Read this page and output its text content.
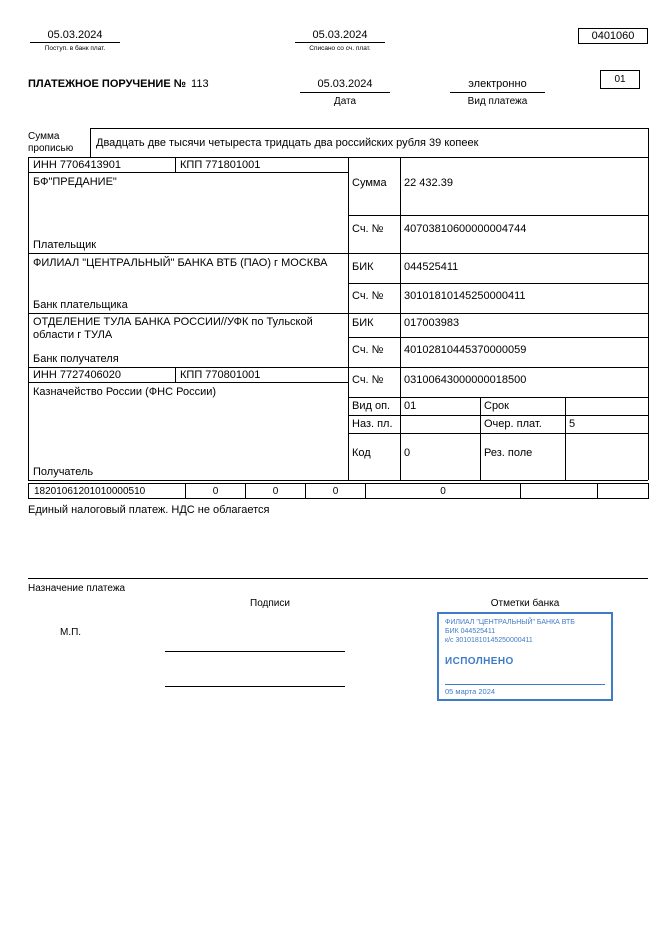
05.03.2024
Поступ. в банк плат.
05.03.2024
Списано со сч. плат.
0401060
ПЛАТЕЖНОЕ ПОРУЧЕНИЕ № 113	05.03.2024
Дата
электронно
Вид платежа
01
Сумма
прописью Двадцать две тысячи четыреста тридцать два российских рубля 39 копеек
ИНН 7706413901	КПП 771801001
БФ"ПРЕДАНИЕ"
Плательщик
ФИЛИАЛ "ЦЕНТРАЛЬНЫЙ" БАНКА ВТБ (ПАО) г МОСКВА
Банк плательщика
ОТДЕЛЕНИЕ ТУЛА БАНКА РОССИИ//УФК по Тульской области г ТУЛА
Банк получателя
ИНН 7727406020	КПП 770801001
Казначейство России (ФНС России)
Получатель
Сумма 22 432.39
Сч. № 40703810600000004744
БИК	044525411
Сч. № 30101810145250000411
БИК	017003983
Сч. № 40102810445370000059
Сч. № 03100643000000018500
Вид оп. 01	Срок
Наз. пл.	Очер. плат. 5
Код	0	Рез. поле
18201061201010000510	0	0	0	0
Единый налоговый платеж. НДС не облагается
Назначение платежа
Подписи	Отметки банка
М.П.
ФИЛИАЛ "ЦЕНТРАЛЬНЫЙ" БАНКА ВТБ
БИК 044525411
к/с 30101810145250000411
ИСПОЛНЕНО
05 марта 2024
